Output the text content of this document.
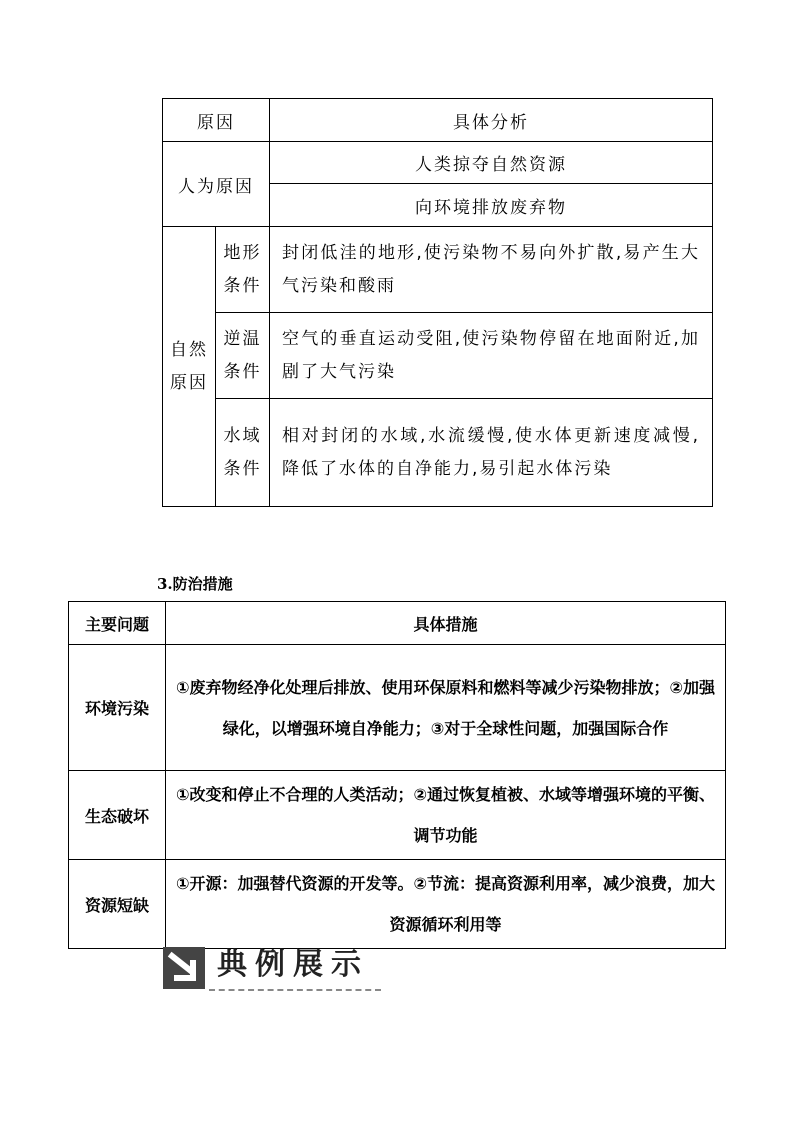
原因		具体分析
人为原因		人类掠夺自然资源
		向环境排放废弃物
自然原因	地形条件	封闭低洼的地形,使污染物不易向外扩散,易产生大气污染和酸雨
	逆温条件	空气的垂直运动受阻,使污染物停留在地面附近,加剧了大气污染
	水域条件	相对封闭的水域,水流缓慢,使水体更新速度减慢,降低了水体的自净能力,易引起水体污染
3.防治措施
主要问题	具体措施
环境污染	①废弃物经净化处理后排放、使用环保原料和燃料等减少污染物排放；②加强绿化，以增强环境自净能力；③对于全球性问题，加强国际合作
生态破坏	①改变和停止不合理的人类活动；②通过恢复植被、水域等增强环境的平衡、调节功能
资源短缺	①开源：加强替代资源的开发等。②节流：提高资源利用率，减少浪费，加大资源循环利用等
典例展示
